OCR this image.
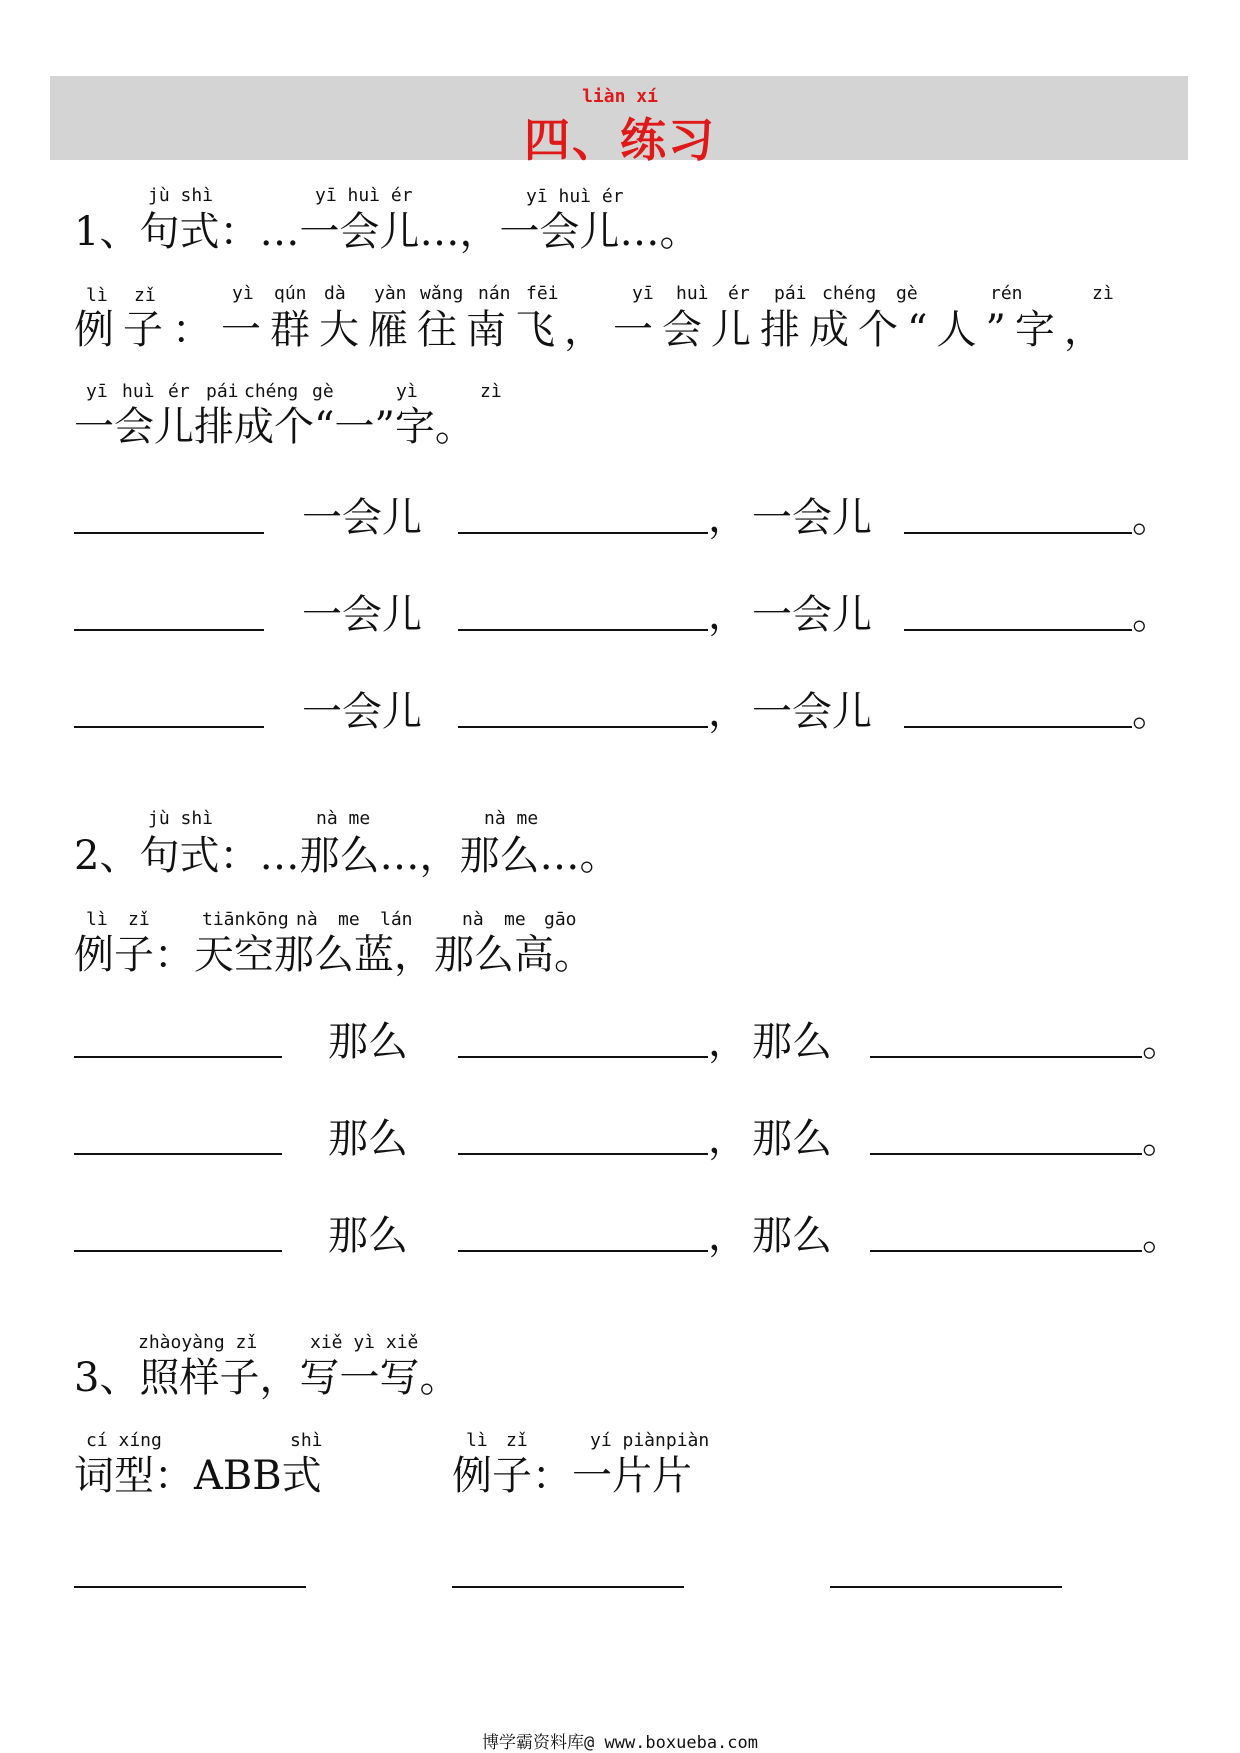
liàn xí
四、练习
jù shì	yī huì ér	yī huì ér
1、句式：…一会儿…，一会儿…。
lì zǐ	yì qún dà yàn wǎng nán fēi	yī huì ér pái chéng gè	rén	zì
例子：一群大雁往南飞，一会儿排成个“人”字，
yī huì ér pái chéng gè	yì	zì
一会儿排成个“一”字。
一会儿	， 一会儿	。
一会儿	， 一会儿	。
一会儿	， 一会儿	。
jù shì	nà me	nà me
2、句式：…那么…，那么…。
lì zǐ	tiānkōng nà me lán	nà me gāo
例子：天空那么蓝，那么高。
那么	， 那么	。
那么	， 那么	。
那么	， 那么	。
zhàoyàng zǐ	xiě yì xiě
3、照样子，写一写。
cí xíng	shì
词型：ABB式
lì zǐ	yí piànpiàn
例子：一片片
博学霸资料库@ www.boxueba.com
